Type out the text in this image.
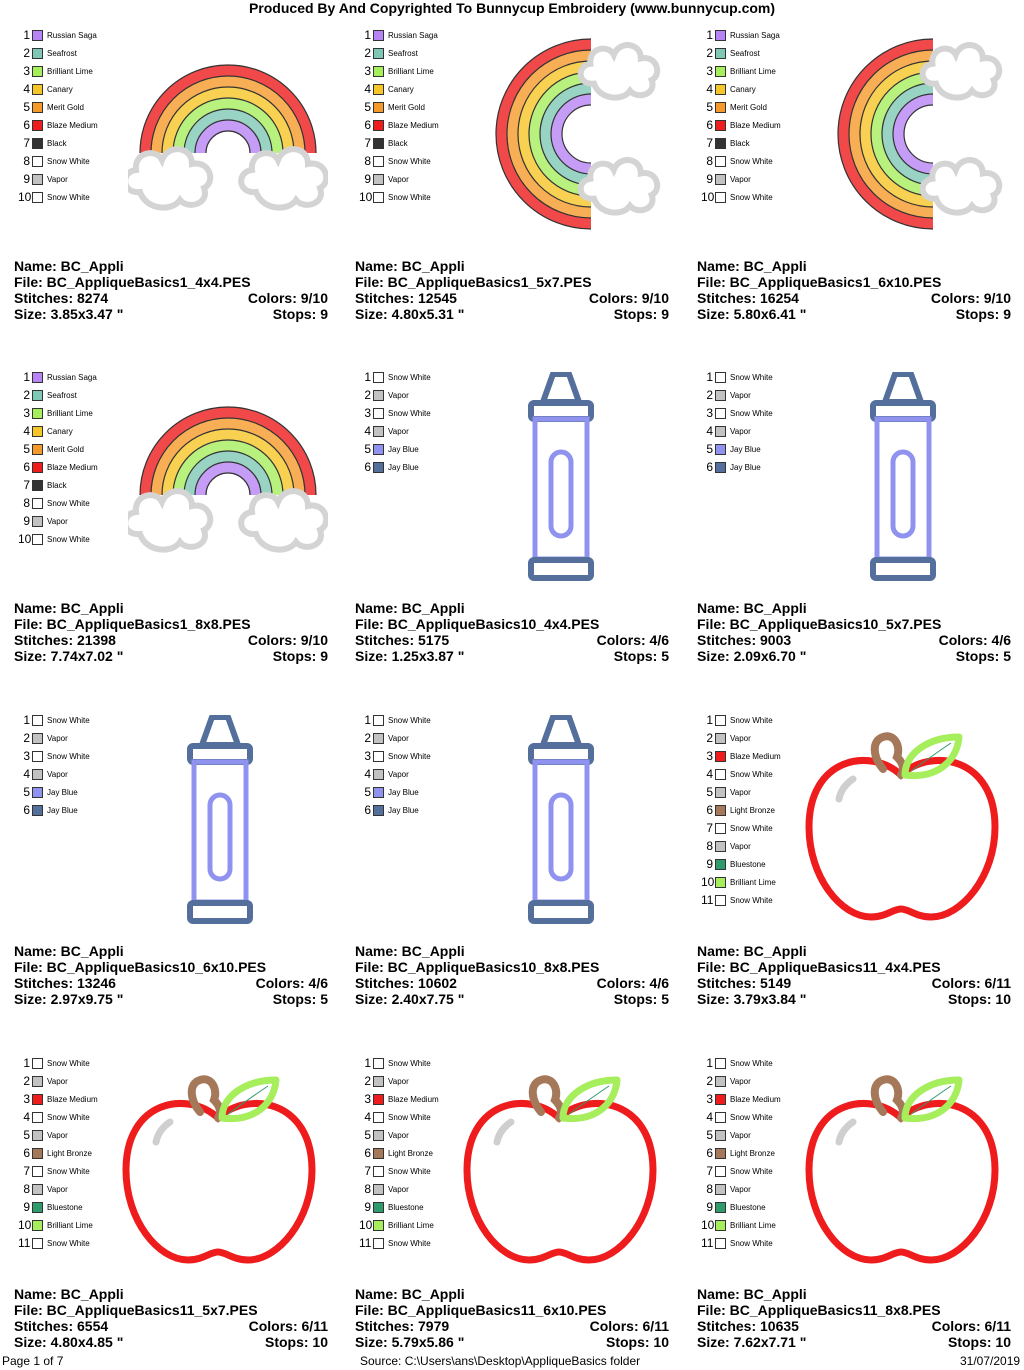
Produced By And Copyrighted To Bunnycup Embroidery (www.bunnycup.com)
1 Russian Saga
2 Seafrost
3 Brilliant Lime
4 Canary
5 Merit Gold
6 Blaze Medium
7 Black
8 Snow White
9 Vapor
10 Snow White
Name: BC_Appli
File: BC_AppliqueBasics1_4x4.PES
Stitches: 8274	Colors: 9/10
Size: 3.85x3.47 "	Stops: 9
1 Russian Saga
2 Seafrost
3 Brilliant Lime
4 Canary
5 Merit Gold
6 Blaze Medium
7 Black
8 Snow White
9 Vapor
10 Snow White
Name: BC_Appli
File: BC_AppliqueBasics1_5x7.PES
Stitches: 12545	Colors: 9/10
Size: 4.80x5.31 "	Stops: 9
1 Russian Saga
2 Seafrost
3 Brilliant Lime
4 Canary
5 Merit Gold
6 Blaze Medium
7 Black
8 Snow White
9 Vapor
10 Snow White
Name: BC_Appli
File: BC_AppliqueBasics1_6x10.PES
Stitches: 16254	Colors: 9/10
Size: 5.80x6.41 "	Stops: 9
1 Russian Saga
2 Seafrost
3 Brilliant Lime
4 Canary
5 Merit Gold
6 Blaze Medium
7 Black
8 Snow White
9 Vapor
10 Snow White
Name: BC_Appli
File: BC_AppliqueBasics1_8x8.PES
Stitches: 21398	Colors: 9/10
Size: 7.74x7.02 "	Stops: 9
1 Snow White
2 Vapor
3 Snow White
4 Vapor
5 Jay Blue
6 Jay Blue
Name: BC_Appli
File: BC_AppliqueBasics10_4x4.PES
Stitches: 5175	Colors: 4/6
Size: 1.25x3.87 "	Stops: 5
1 Snow White
2 Vapor
3 Snow White
4 Vapor
5 Jay Blue
6 Jay Blue
Name: BC_Appli
File: BC_AppliqueBasics10_5x7.PES
Stitches: 9003	Colors: 4/6
Size: 2.09x6.70 "	Stops: 5
1 Snow White
2 Vapor
3 Snow White
4 Vapor
5 Jay Blue
6 Jay Blue
Name: BC_Appli
File: BC_AppliqueBasics10_6x10.PES
Stitches: 13246	Colors: 4/6
Size: 2.97x9.75 "	Stops: 5
1 Snow White
2 Vapor
3 Snow White
4 Vapor
5 Jay Blue
6 Jay Blue
Name: BC_Appli
File: BC_AppliqueBasics10_8x8.PES
Stitches: 10602	Colors: 4/6
Size: 2.40x7.75 "	Stops: 5
1 Snow White
2 Vapor
3 Blaze Medium
4 Snow White
5 Vapor
6 Light Bronze
7 Snow White
8 Vapor
9 Bluestone
10 Brilliant Lime
11 Snow White
Name: BC_Appli
File: BC_AppliqueBasics11_4x4.PES
Stitches: 5149	Colors: 6/11
Size: 3.79x3.84 "	Stops: 10
1 Snow White
2 Vapor
3 Blaze Medium
4 Snow White
5 Vapor
6 Light Bronze
7 Snow White
8 Vapor
9 Bluestone
10 Brilliant Lime
11 Snow White
Name: BC_Appli
File: BC_AppliqueBasics11_5x7.PES
Stitches: 6554	Colors: 6/11
Size: 4.80x4.85 "	Stops: 10
1 Snow White
2 Vapor
3 Blaze Medium
4 Snow White
5 Vapor
6 Light Bronze
7 Snow White
8 Vapor
9 Bluestone
10 Brilliant Lime
11 Snow White
Name: BC_Appli
File: BC_AppliqueBasics11_6x10.PES
Stitches: 7979	Colors: 6/11
Size: 5.79x5.86 "	Stops: 10
1 Snow White
2 Vapor
3 Blaze Medium
4 Snow White
5 Vapor
6 Light Bronze
7 Snow White
8 Vapor
9 Bluestone
10 Brilliant Lime
11 Snow White
Name: BC_Appli
File: BC_AppliqueBasics11_8x8.PES
Stitches: 10635	Colors: 6/11
Size: 7.62x7.71 "	Stops: 10
Page 1 of 7	Source: C:\Users\ans\Desktop\AppliqueBasics folder	31/07/2019
